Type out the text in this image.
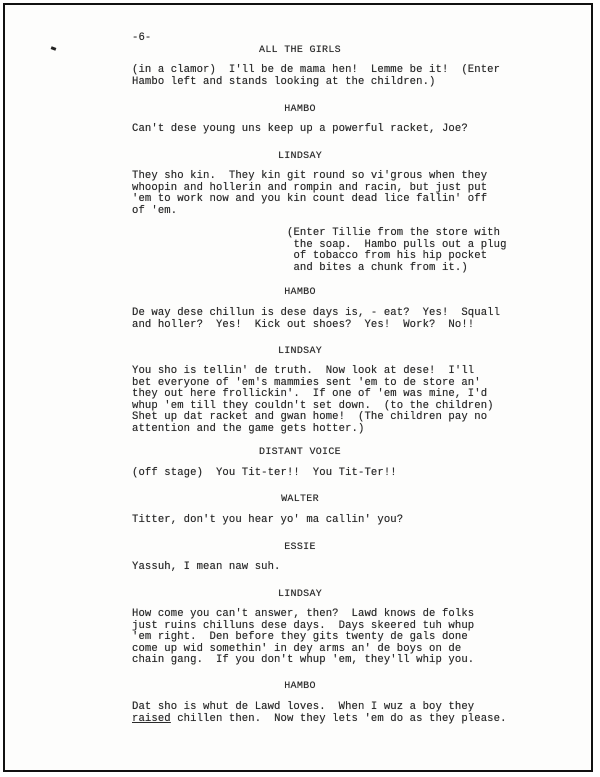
-6-
ALL THE GIRLS
(in a clamor)  I'll be de mama hen!  Lemme be it!  (Enter
Hambo left and stands looking at the children.)
HAMBO
Can't dese young uns keep up a powerful racket, Joe?
LINDSAY
They sho kin.  They kin git round so vi'grous when they
whoopin and hollerin and rompin and racin, but just put
'em to work now and you kin count dead lice fallin' off
of 'em.
(Enter Tillie from the store with
the soap.  Hambo pulls out a plug
of tobacco from his hip pocket
and bites a chunk from it.)
HAMBO
De way dese chillun is dese days is, - eat?  Yes!  Squall
and holler?  Yes!  Kick out shoes?  Yes!  Work?  No!!
LINDSAY
You sho is tellin' de truth.  Now look at dese!  I'll
bet everyone of 'em's mammies sent 'em to de store an'
they out here frollickin'.  If one of 'em was mine, I'd
whup 'em till they couldn't set down.  (to the children)
Shet up dat racket and gwan home!  (The children pay no
attention and the game gets hotter.)
DISTANT VOICE
(off stage)  You Tit-ter!!  You Tit-Ter!!
WALTER
Titter, don't you hear yo' ma callin' you?
ESSIE
Yassuh, I mean naw suh.
LINDSAY
How come you can't answer, then?  Lawd knows de folks
just ruins chilluns dese days.  Days skeered tuh whup
'em right.  Den before they gits twenty de gals done
come up wid somethin' in dey arms an' de boys on de
chain gang.  If you don't whup 'em, they'll whip you.
HAMBO
Dat sho is whut de Lawd loves.  When I wuz a boy they
raised chillen then.  Now they lets 'em do as they please.
